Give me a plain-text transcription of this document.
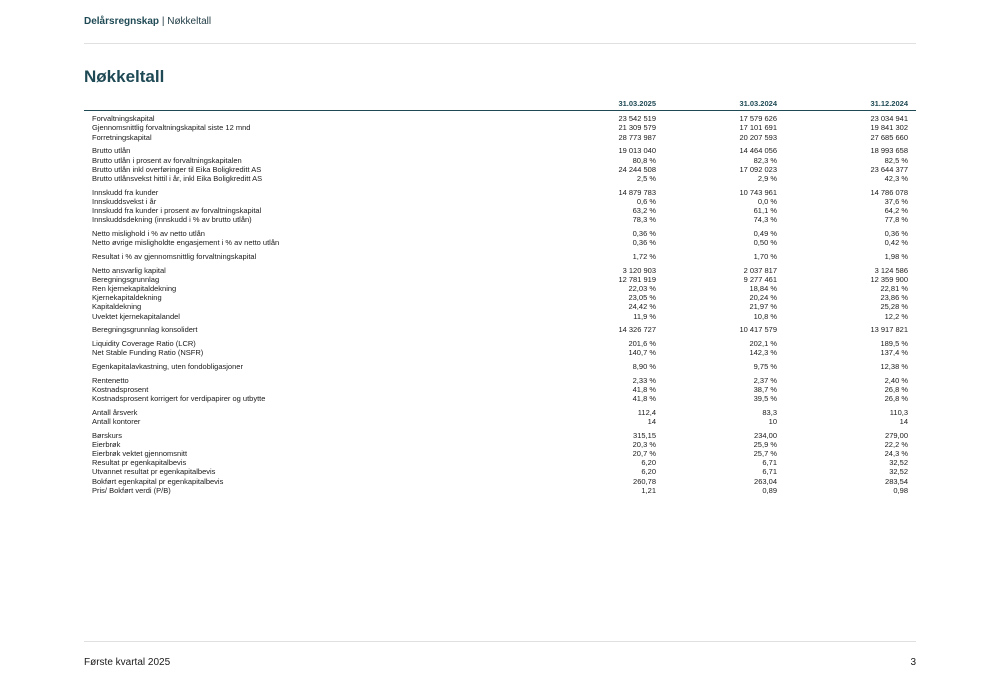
Delårsregnskap | Nøkkeltall
Nøkkeltall
	31.03.2025	31.03.2024	31.12.2024
Forvaltningskapital	23 542 519	17 579 626	23 034 941
Gjennomsnittlig forvaltningskapital siste 12 mnd	21 309 579	17 101 691	19 841 302
Forretningskapital	28 773 987	20 207 593	27 685 660

Brutto utlån	19 013 040	14 464 056	18 993 658
Brutto utlån i prosent av forvaltningskapitalen	80,8 %	82,3 %	82,5 %
Brutto utlån inkl overføringer til Eika Boligkreditt AS	24 244 508	17 092 023	23 644 377
Brutto utlånsvekst hittil i år, inkl Eika Boligkreditt AS	2,5 %	2,9 %	42,3 %

Innskudd fra kunder	14 879 783	10 743 961	14 786 078
Innskuddsvekst i år	0,6 %	0,0 %	37,6 %
Innskudd fra kunder i prosent av forvaltningskapital	63,2 %	61,1 %	64,2 %
Innskuddsdekning (innskudd i % av brutto utlån)	78,3 %	74,3 %	77,8 %

Netto mislighold i % av netto utlån	0,36 %	0,49 %	0,36 %
Netto øvrige misligholdte engasjement i % av netto utlån	0,36 %	0,50 %	0,42 %

Resultat i % av gjennomsnittlig forvaltningskapital	1,72 %	1,70 %	1,98 %

Netto ansvarlig kapital	3 120 903	2 037 817	3 124 586
Beregningsgrunnlag	12 781 919	9 277 461	12 359 900
Ren kjernekapitaldekning	22,03 %	18,84 %	22,81 %
Kjernekapitaldekning	23,05 %	20,24 %	23,86 %
Kapitaldekning	24,42 %	21,97 %	25,28 %
Uvektet kjernekapitalandel	11,9 %	10,8 %	12,2 %

Beregningsgrunnlag konsolidert	14 326 727	10 417 579	13 917 821

Liquidity Coverage Ratio (LCR)	201,6 %	202,1 %	189,5 %
Net Stable Funding Ratio (NSFR)	140,7 %	142,3 %	137,4 %

Egenkapitalavkastning, uten fondobligasjoner	8,90 %	9,75 %	12,38 %

Rentenetto	2,33 %	2,37 %	2,40 %
Kostnadsprosent	41,8 %	38,7 %	26,8 %
Kostnadsprosent korrigert for verdipapirer og utbytte	41,8 %	39,5 %	26,8 %

Antall årsverk	112,4	83,3	110,3
Antall kontorer	14	10	14

Børskurs	315,15	234,00	279,00
Eierbrøk	20,3 %	25,9 %	22,2 %
Eierbrøk vektet gjennomsnitt	20,7 %	25,7 %	24,3 %
Resultat pr egenkapitalbevis	6,20	6,71	32,52
Utvannet resultat pr egenkapitalbevis	6,20	6,71	32,52
Bokført egenkapital pr egenkapitalbevis	260,78	263,04	283,54
Pris/ Bokført verdi (P/B)	1,21	0,89	0,98
Første kvartal 2025	3
